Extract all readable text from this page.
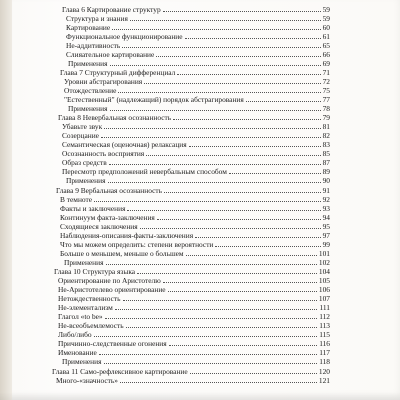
Глава 6 Картирование структур	59
Структура и знания	59
Картирование	60
Функциональное функционирование	61
Не-аддитивность	65
Слияательное картирование	66
Применения	69
Глава 7 Структурный дифференциал	71
Уровни абстрагирования	72
Отождествление	75
"Естественный" (надлежащий) порядок абстрагирования	77
Применения	78
Глава 8 Невербальная осознанность	79
Убавьте звук	81
Созерцание	82
Семантическая (оценочная) релаксация	83
Осознанность восприятия	85
Образ средств	87
Пересмотр предположений невербальным способом	89
Применения	90
Глава 9 Вербальная осознанность	91
В темноте	92
Факты и заключения	93
Континуум факта-заключения	94
Сходящиеся заключения	95
Наблюдения-описания-факты-заключения	97
Что мы можем определить: степени вероятности	99
Больше о меньшем, меньше о большем	101
Применения	102
Глава 10 Структура языка	104
Ориентирование по Аристотелю	105
Не-Аристотелево ориентирование	106
Нетождественность	107
Не-элементализм	111
Глагол «to be»	112
Не-всеобъемлемость	113
Либо/либо	115
Причинно-следственные огонения	116
Именование	117
Применения	118
Глава 11 Само-рефлексивное картирование	120
Много-«значность»	121
